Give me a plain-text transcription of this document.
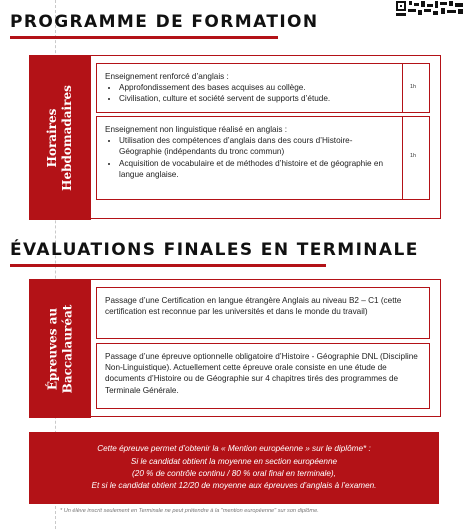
PROGRAMME DE FORMATION
Horaires Hebdomadaires
Enseignement renforcé d’anglais :
• Approfondissement des bases acquises au collège.
• Civilisation, culture et société servent de supports d’étude.
1h
Enseignement non linguistique réalisé en anglais :
• Utilisation des compétences d’anglais dans des cours d’Histoire-Géographie (indépendants du tronc commun)
• Acquisition de vocabulaire et de méthodes d’histoire et de géographie en langue anglaise.
1h
ÉVALUATIONS FINALES EN TERMINALE
Épreuves au Baccalauréat
Passage d’une Certification en langue étrangère Anglais au niveau B2 – C1 (cette certification est reconnue par les universités et dans le monde du travail)
Passage d’une épreuve optionnelle obligatoire d’Histoire - Géographie DNL (Discipline Non-Linguistique). Actuellement cette épreuve orale consiste en une étude de documents d’Histoire ou de Géographie sur 4 chapitres tirés des programmes de Terminale Générale.

Cette épreuve permet d’obtenir la « Mention européenne » sur le diplôme* :

Si le candidat obtient la moyenne en section européenne

(20 % de contrôle continu / 80 % oral final en terminale),

Et si le candidat obtient 12/20 de moyenne aux épreuves d’anglais à l’examen.

* Un élève inscrit seulement en Terminale ne peut prétendre à la "mention européenne" sur son diplôme.
